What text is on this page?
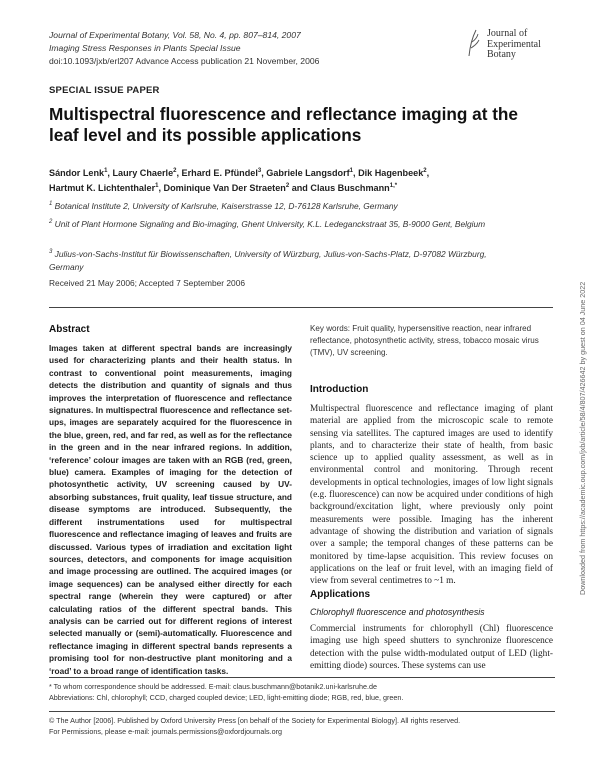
Journal of Experimental Botany, Vol. 58, No. 4, pp. 807–814, 2007
Imaging Stress Responses in Plants Special Issue
doi:10.1093/jxb/erl207 Advance Access publication 21 November, 2006
Journal of
Experimental
Botany
SPECIAL ISSUE PAPER
Multispectral fluorescence and reflectance imaging at the leaf level and its possible applications
Sándor Lenk$^1$, Laury Chaerle$^2$, Erhard E. Pfündel$^3$, Gabriele Langsdorf$^1$, Dik Hagenbeek$^2$,
Hartmut K. Lichtenthaler$^1$, Dominique Van Der Straeten$^2$ and Claus Buschmann$^{1,*}$
$^1$ Botanical Institute 2, University of Karlsruhe, Kaiserstrasse 12, D-76128 Karlsruhe, Germany
$^2$ Unit of Plant Hormone Signaling and Bio-imaging, Ghent University, K.L. Ledeganckstraat 35, B-9000 Gent, Belgium
$^3$ Julius-von-Sachs-Institut für Biowissenschaften, University of Würzburg, Julius-von-Sachs-Platz, D-97082 Würzburg, Germany
Received 21 May 2006; Accepted 7 September 2006
Abstract
Images taken at different spectral bands are increasingly used for characterizing plants and their health status. In contrast to conventional point measurements, imaging detects the distribution and quantity of signals and thus improves the interpretation of fluorescence and reflectance signatures. In multispectral fluorescence and reflectance set-ups, images are separately acquired for the fluorescence in the blue, green, red, and far red, as well as for the reflectance in the green and in the near infrared regions. In addition, ‘reference’ colour images are taken with an RGB (red, green, blue) camera. Examples of imaging for the detection of photosynthetic activity, UV screening caused by UV-absorbing substances, fruit quality, leaf tissue structure, and disease symptoms are introduced. Subsequently, the different instrumentations used for multispectral fluorescence and reflectance imaging of leaves and fruits are discussed. Various types of irradiation and excitation light sources, detectors, and components for image acquisition and image processing are outlined. The acquired images (or image sequences) can be analysed either directly for each spectral range (wherein they were captured) or after calculating ratios of the different spectral bands. This analysis can be carried out for different regions of interest selected manually or (semi)-automatically. Fluorescence and reflectance imaging in different spectral bands represents a promising tool for non-destructive plant monitoring and a ‘road’ to a broad range of identification tasks.
Key words: Fruit quality, hypersensitive reaction, near infrared reflectance, photosynthetic activity, stress, tobacco mosaic virus (TMV), UV screening.
Introduction
Multispectral fluorescence and reflectance imaging of plant material are applied from the microscopic scale to remote sensing via satellites. The captured images are used to identify plants, and to characterize their state of health, from basic science up to applied quality assessment, as well as in environmental control and monitoring. Through recent developments in optical technologies, images of low light signals (e.g. fluorescence) can now be acquired under conditions of high background/excitation light, where previously only point measurements were possible. Imaging has the inherent advantage of showing the distribution and variation of signals over a sample; the temporal changes of these patterns can be monitored by time-lapse acquisition. This review focuses on applications on the leaf or fruit level, with an imaging field of view from several centimetres to ~1 m.
Applications
Chlorophyll fluorescence and photosynthesis
Commercial instruments for chlorophyll (Chl) fluorescence imaging use high speed shutters to synchronize fluorescence detection with the pulse width-modulated output of LED (light-emitting diode) sources. These systems can use
* To whom correspondence should be addressed. E-mail: claus.buschmann@botanik2.uni-karlsruhe.de
Abbreviations: Chl, chlorophyll; CCD, charged coupled device; LED, light-emitting diode; RGB, red, blue, green.
© The Author [2006]. Published by Oxford University Press [on behalf of the Society for Experimental Biology]. All rights reserved.
For Permissions, please e-mail: journals.permissions@oxfordjournals.org
Downloaded from https://academic.oup.com/jxb/article/58/4/807/426642 by guest on 04 June 2022
